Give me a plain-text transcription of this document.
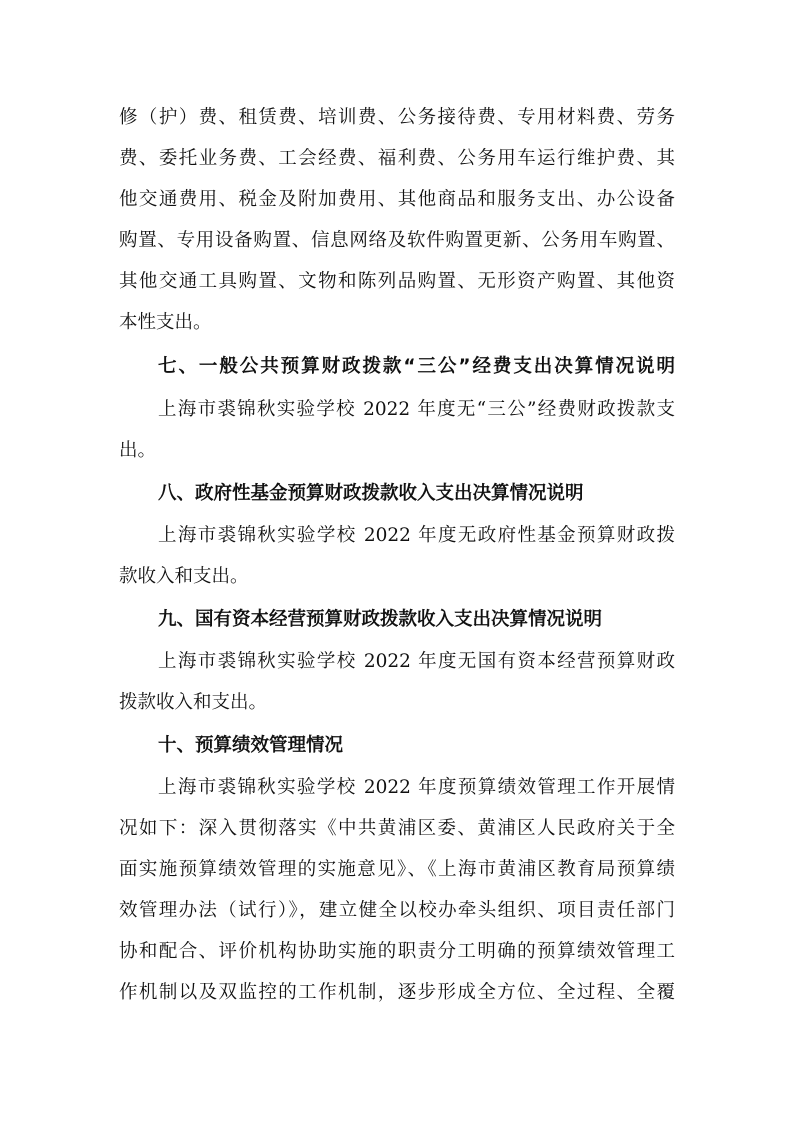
修（护）费、租赁费、培训费、公务接待费、专用材料费、劳务
费、委托业务费、工会经费、福利费、公务用车运行维护费、其
他交通费用、税金及附加费用、其他商品和服务支出、办公设备
购置、专用设备购置、信息网络及软件购置更新、公务用车购置、
其他交通工具购置、文物和陈列品购置、无形资产购置、其他资
本性支出。
七、一般公共预算财政拨款“三公”经费支出决算情况说明
上海市裘锦秋实验学校 2022 年度无“三公”经费财政拨款支
出。
八、政府性基金预算财政拨款收入支出决算情况说明
上海市裘锦秋实验学校 2022 年度无政府性基金预算财政拨
款收入和支出。
九、国有资本经营预算财政拨款收入支出决算情况说明
上海市裘锦秋实验学校 2022 年度无国有资本经营预算财政
拨款收入和支出。
十、预算绩效管理情况
上海市裘锦秋实验学校 2022 年度预算绩效管理工作开展情
况如下：深入贯彻落实《中共黄浦区委、黄浦区人民政府关于全
面实施预算绩效管理的实施意见》、《上海市黄浦区教育局预算绩
效管理办法（试行）》，建立健全以校办牵头组织、项目责任部门
协和配合、评价机构协助实施的职责分工明确的预算绩效管理工
作机制以及双监控的工作机制，逐步形成全方位、全过程、全覆
